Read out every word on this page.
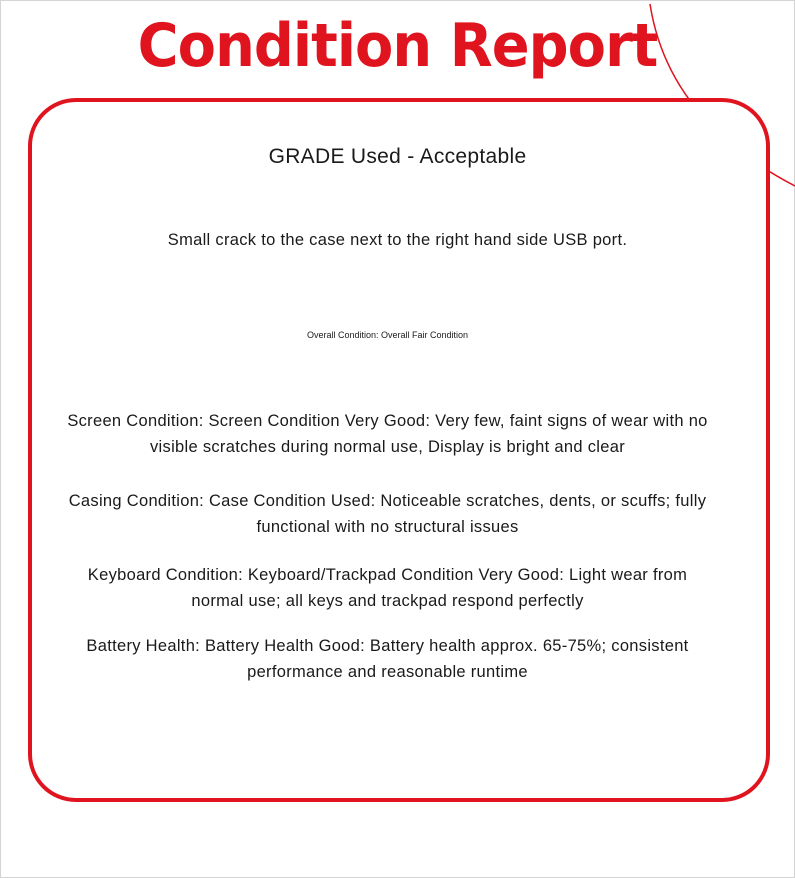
Condition Report
GRADE Used - Acceptable
Small crack to the case next to the right hand side USB port.
Overall Condition: Overall Fair Condition
Screen Condition: Screen Condition Very Good: Very few, faint signs of wear with no visible scratches during normal use, Display is bright and clear
Casing Condition: Case Condition Used: Noticeable scratches, dents, or scuffs; fully functional with no structural issues
Keyboard Condition: Keyboard/Trackpad Condition Very Good: Light wear from normal use; all keys and trackpad respond perfectly
Battery Health: Battery Health Good: Battery health approx. 65-75%; consistent performance and reasonable runtime
